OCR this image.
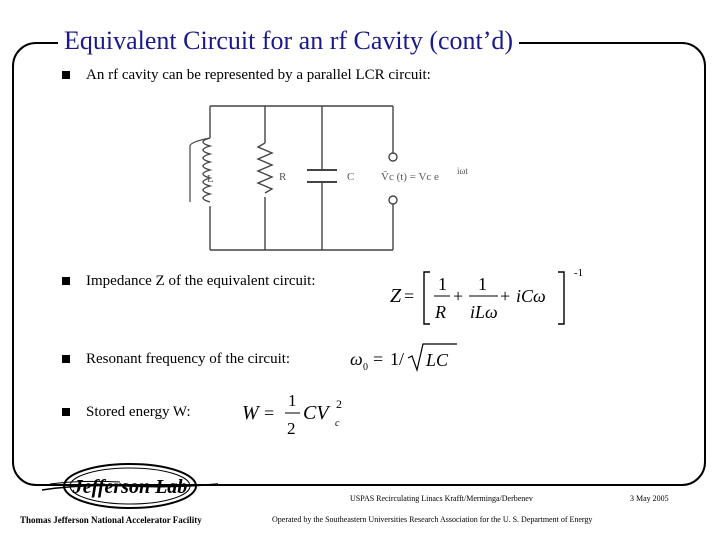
Equivalent Circuit for an rf Cavity (cont’d)
An rf cavity can be represented by a parallel LCR circuit:
L	R	C Ṽc (t) = Vc e iωt
Impedance Z of the equivalent circuit:
Z =
1
R
+
1
iLω
+ iCω
-1
Resonant frequency of the circuit:	ω 0 = 1/ LC
Stored energy W:	W =
1
2
CV c
2
Jefferson Lab
Thomas Jefferson National Accelerator Facility
USPAS Recirculating Linacs Krafft/Merminga/Derbenev
Operated by the Southeastern Universities Research Association for the U. S. Department of Energy
3 May 2005
